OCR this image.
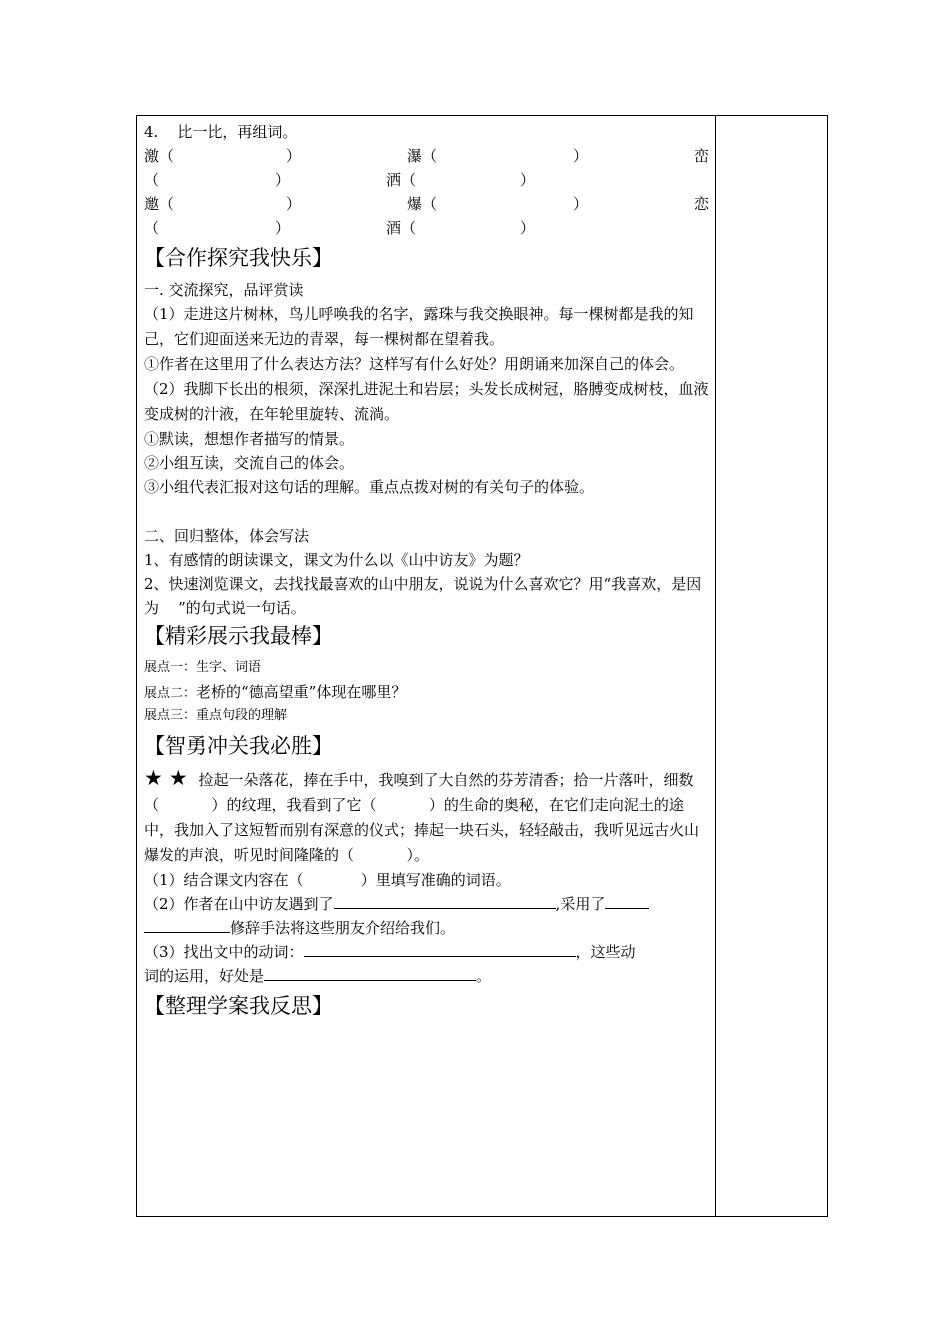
4.    比一比，再组词。
激（	）	瀑（	）	峦
（	）	洒（	）
邀（	）	爆（	）	恋
（	）	酒（	）
【合作探究我快乐】
一. 交流探究，品评赏读
（1）走进这片树林，鸟儿呼唤我的名字，露珠与我交换眼神。每一棵树都是我的知己，它们迎面送来无边的青翠，每一棵树都在望着我。
①作者在这里用了什么表达方法？这样写有什么好处？用朗诵来加深自己的体会。
（2）我脚下长出的根须，深深扎进泥土和岩层；头发长成树冠，胳膊变成树枝，血液变成树的汁液，在年轮里旋转、流淌。
①默读，想想作者描写的情景。
②小组互读，交流自己的体会。
③小组代表汇报对这句话的理解。重点点拨对树的有关句子的体验。
二、回归整体，体会写法
1、有感情的朗读课文，课文为什么以《山中访友》为题？
2、快速浏览课文，去找找最喜欢的山中朋友，说说为什么喜欢它？用“我喜欢，是因为    ”的句式说一句话。
【精彩展示我最棒】
展点一：生字、词语
展点二：老桥的“德高望重”体现在哪里？
展点三：重点句段的理解
【智勇冲关我必胜】
★★ 捡起一朵落花，捧在手中，我嗅到了大自然的芬芳清香；拾一片落叶，细数（           ）的纹理，我看到了它（           ）的生命的奥秘，在它们走向泥土的途中，我加入了这短暂而别有深意的仪式；捧起一块石头，轻轻敲击，我听见远古火山爆发的声浪，听见时间隆隆的（           ）。
（1）结合课文内容在（            ）里填写准确的词语。
（2）作者在山中访友遇到了	,采用了
修辞手法将这些朋友介绍给我们。
（3）找出文中的动词：	，这些动
词的运用，好处是	。
【整理学案我反思】
